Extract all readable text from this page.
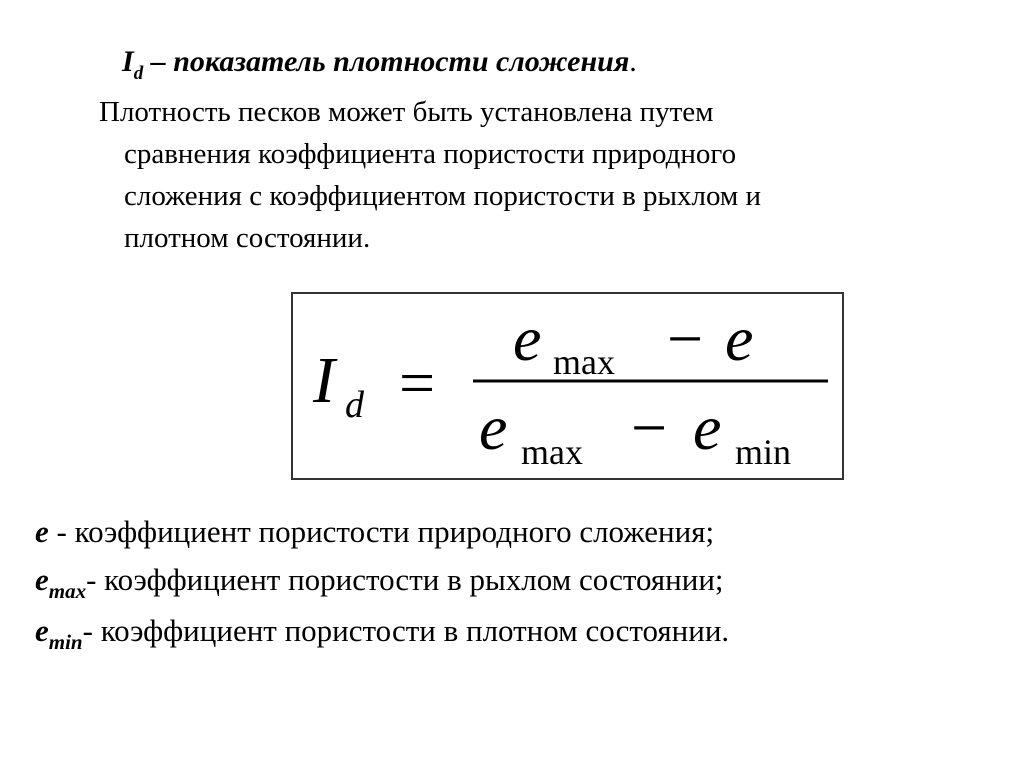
$I_d$ – показатель плотности сложения.
Плотность песков может быть установлена путем
сравнения коэффициента пористости природного
сложения с коэффициентом пористости в рыхлом и
плотном состоянии.
I d =
e max − e
e max − e min
e - коэффициент пористости природного сложения;
$e_{max}-$ коэффициент пористости в рыхлом состоянии;
$e_{min}-$ коэффициент пористости в плотном состоянии.
